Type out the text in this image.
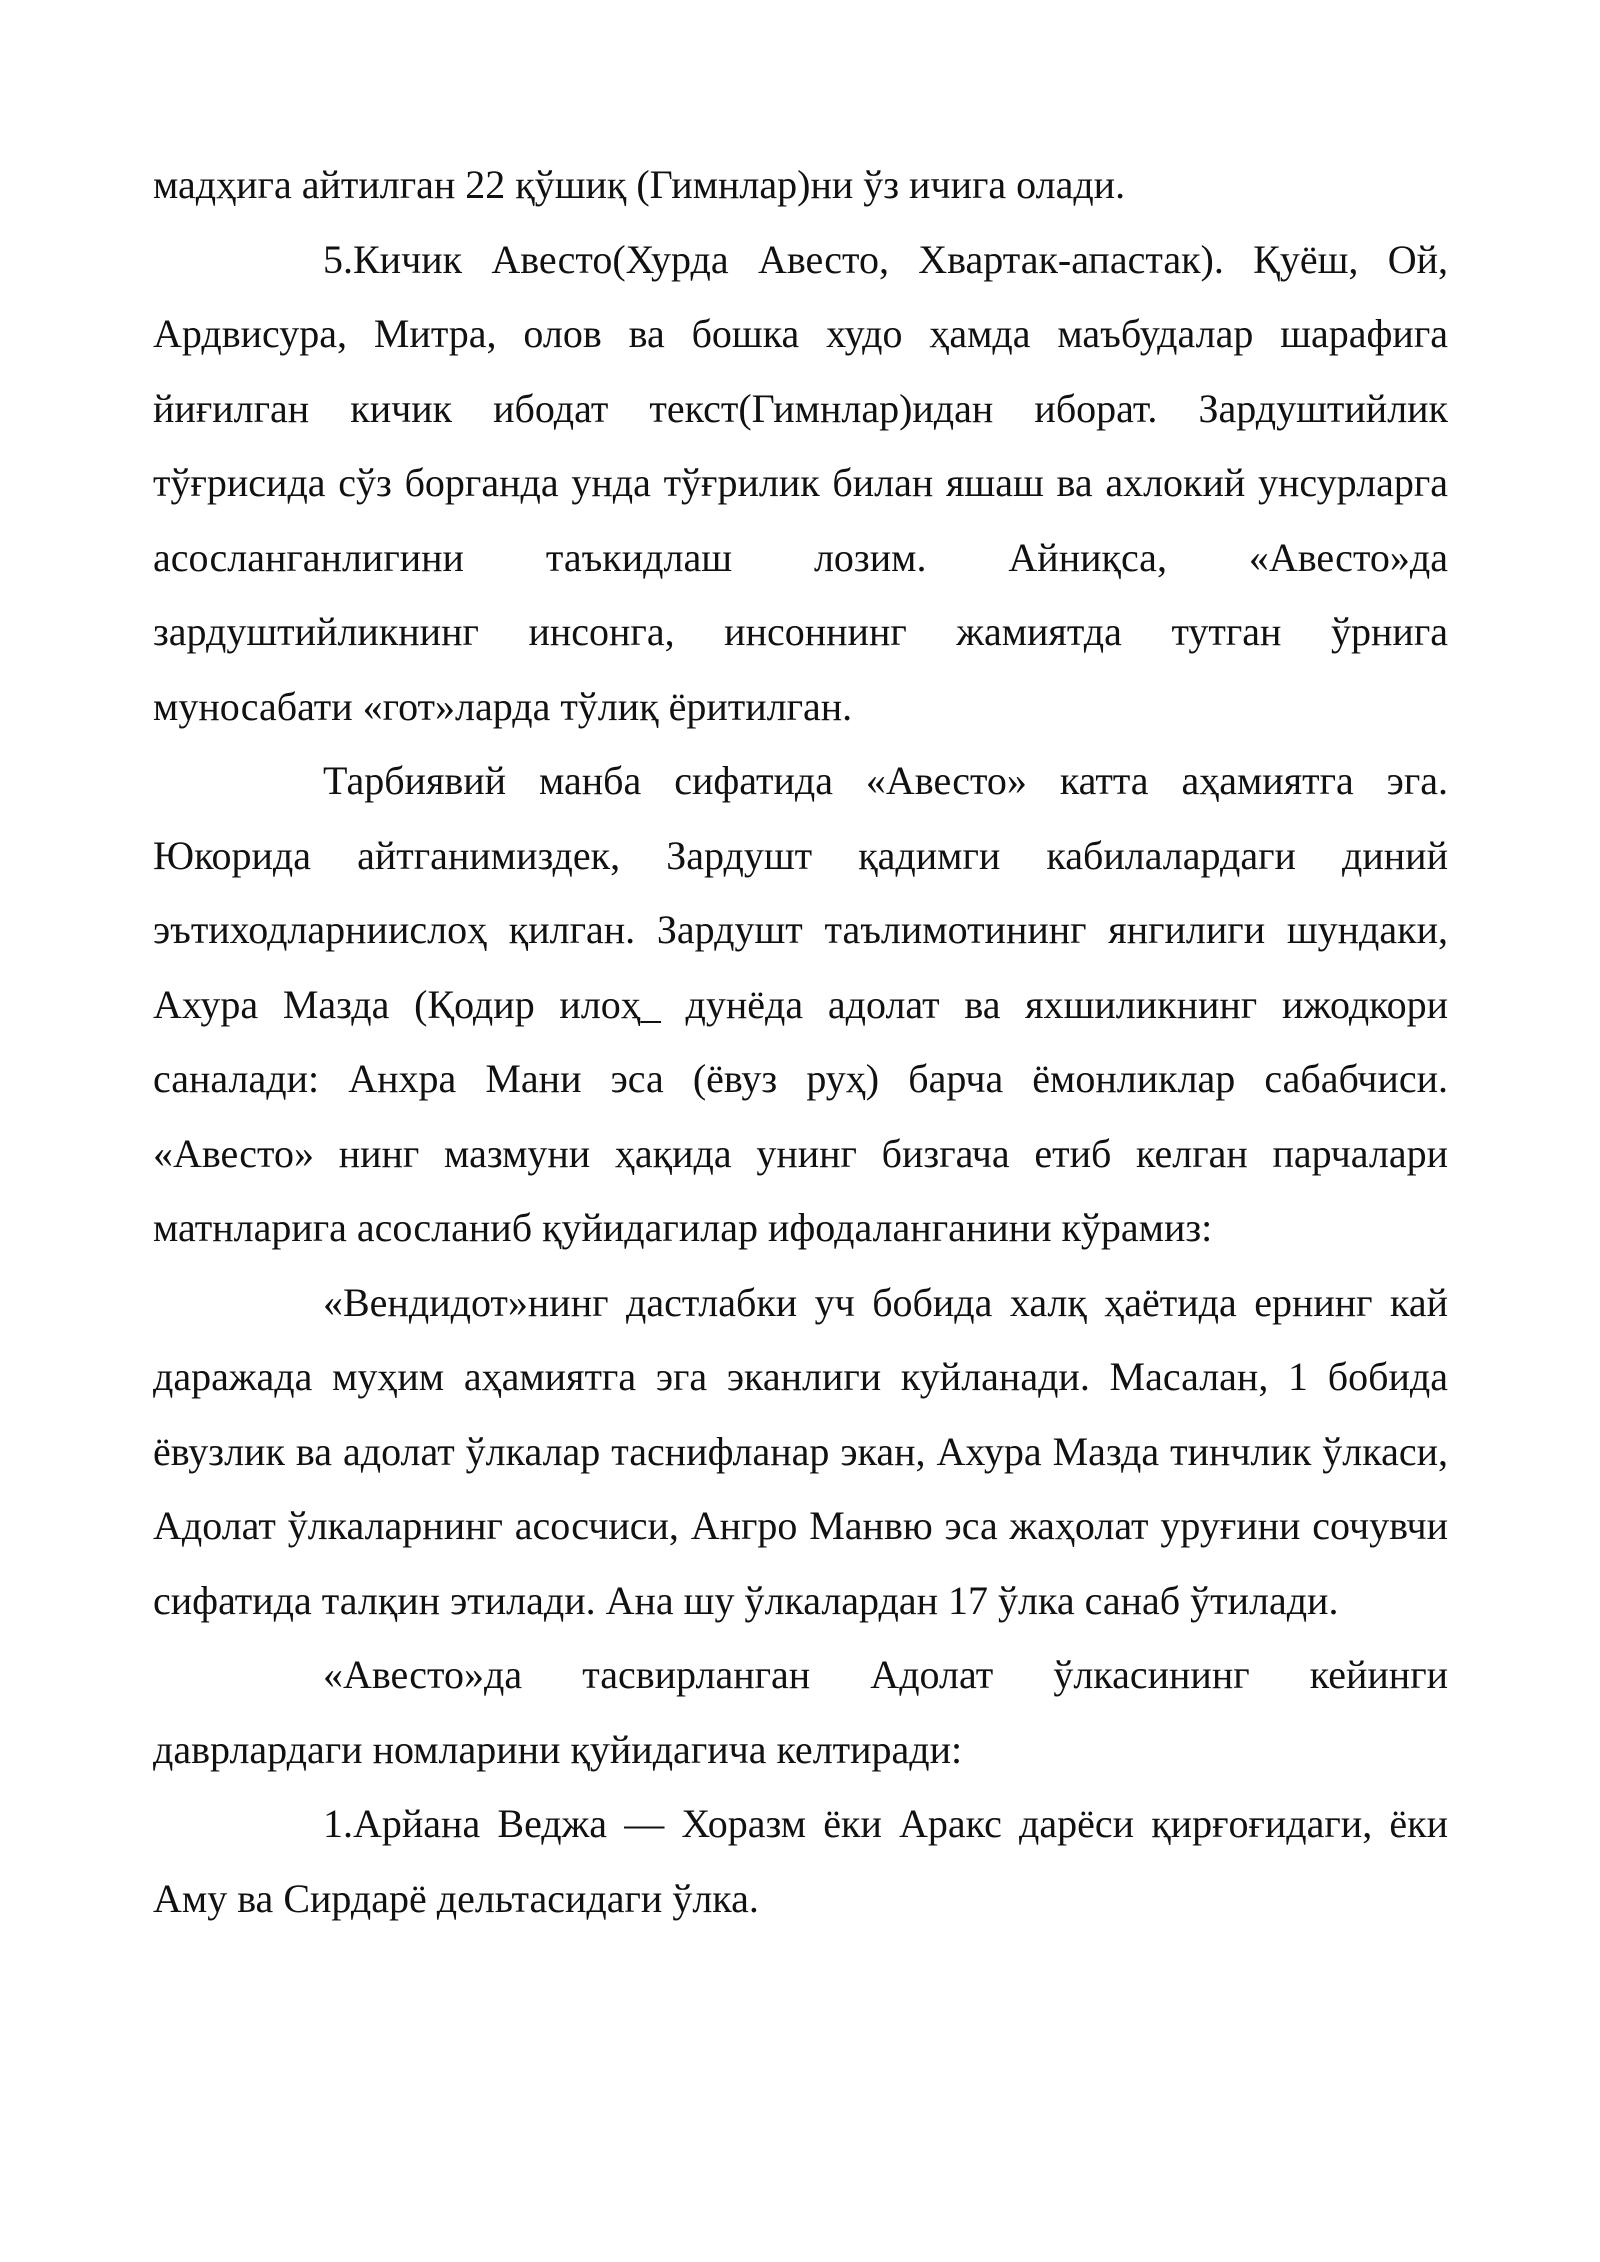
мадҳига айтилган 22 қўшиқ (Гимнлар)ни ўз ичига олади.

5.Кичик Авесто(Хурда Авесто, Хвартак-апастак). Қуёш, Ой, Ардвисура, Митра, олов ва бошка худо ҳамда маъбудалар шарафига йиғилган кичик ибодат текст(Гимнлар)идан иборат. Зардуштийлик тўғрисида сўз борганда унда тўғрилик билан яшаш ва ахлокий унсурларга асосланганлигини таъкидлаш лозим. Айниқса, «Авесто»да зардуштийликнинг инсонга, инсоннинг жамиятда тутган ўрнига муносабати «гот»ларда тўлиқ ёритилган.

Тарбиявий манба сифатида «Авесто» катта аҳамиятга эга. Юкорида айтганимиздек, Зардушт қадимги кабилалардаги диний эътиходларниислоҳ қилган. Зардушт таълимотининг янгилиги шундаки, Ахура Мазда (Қодир илоҳ_ дунёда адолат ва яхшиликнинг ижодкори саналади: Анхра Мани эса (ёвуз руҳ) барча ёмонликлар сабабчиси. «Авесто» нинг мазмуни ҳақида унинг бизгача етиб келган парчалари матнларига асосланиб қуйидагилар ифодаланганини кўрамиз:

«Вендидот»нинг дастлабки уч бобида халқ ҳаётида ернинг кай даражада муҳим аҳамиятга эга эканлиги куйланади. Масалан, 1 бобида ёвузлик ва адолат ўлкалар таснифланар экан, Ахура Мазда тинчлик ўлкаси, Адолат ўлкаларнинг асосчиси, Ангро Манвю эса жаҳолат уруғини сочувчи сифатида талқин этилади. Ана шу ўлкалардан 17 ўлка санаб ўтилади.

«Авесто»да тасвирланган Адолат ўлкасининг кейинги даврлардаги номларини қуйидагича келтиради:

1.Арйана Веджа — Хоразм ёки Аракс дарёси қирғоғидаги, ёки Аму ва Сирдарё дельтасидаги ўлка.
